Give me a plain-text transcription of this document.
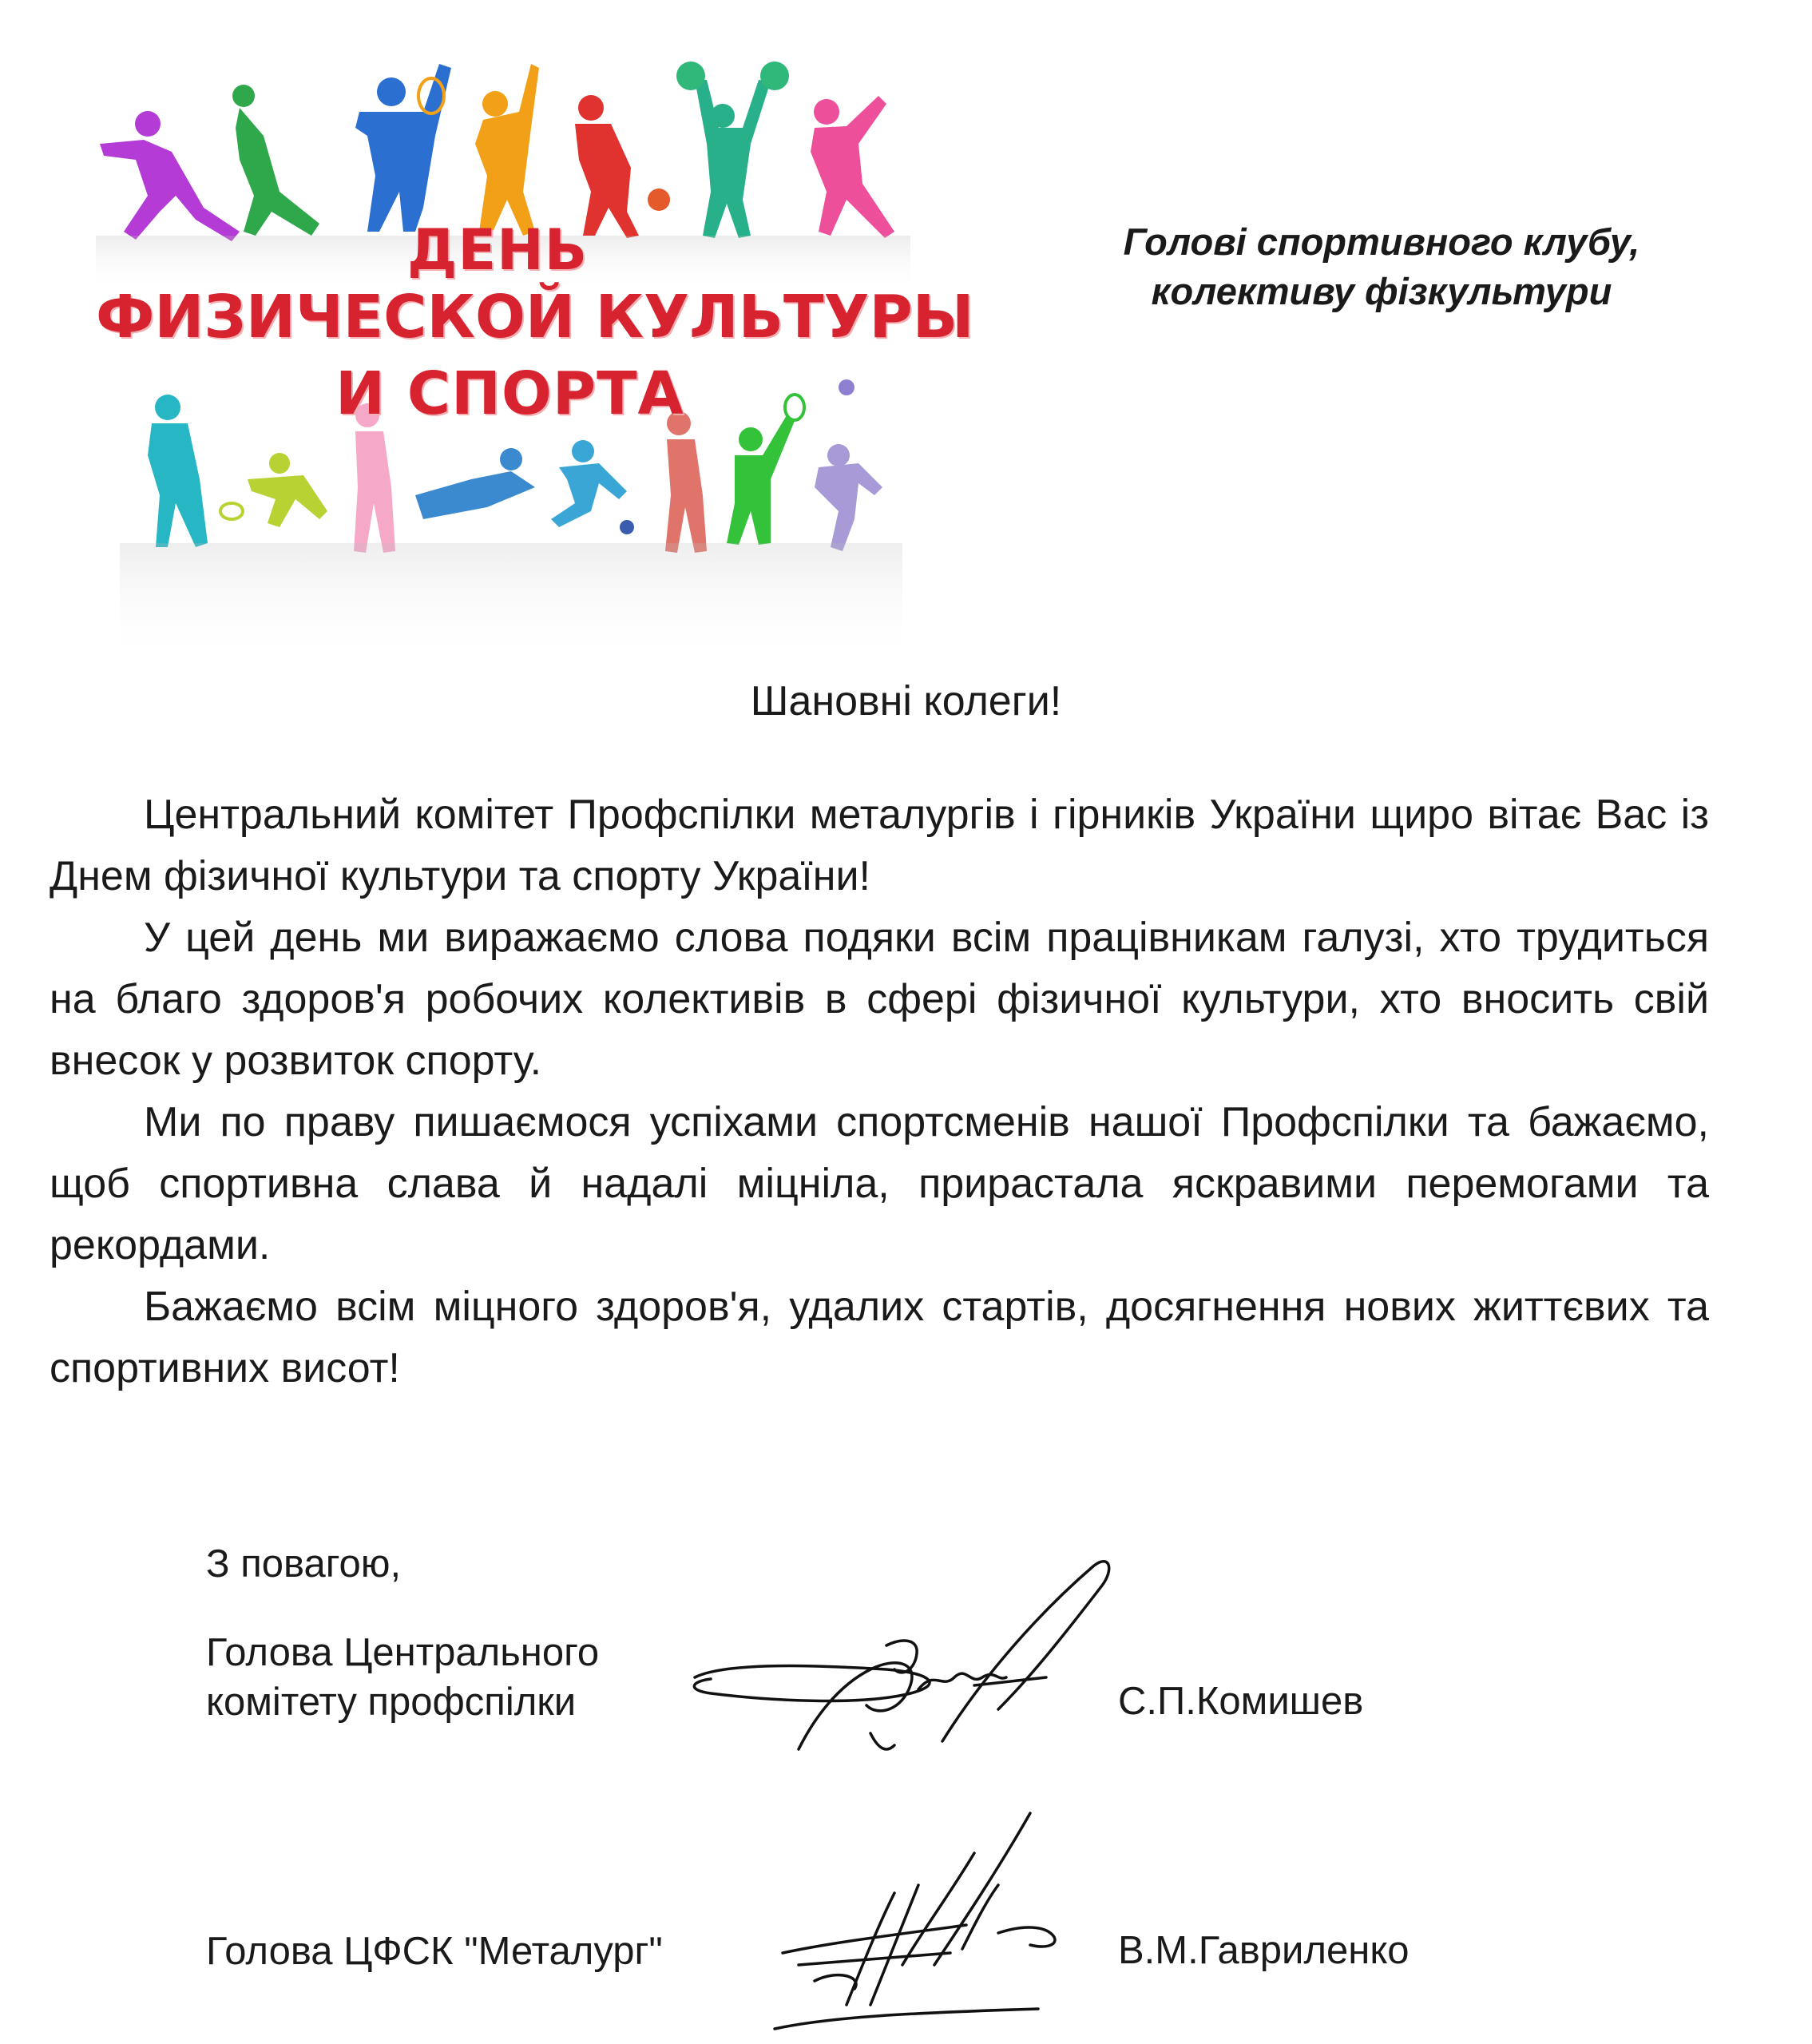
ДЕНЬ
ФИЗИЧЕСКОЙ КУЛЬТУРЫ
И СПОРТА
Голові спортивного клубу,
колективу фізкультури
Шановні колеги!

Центральний комітет Профспілки металургів і гірників України щиро вітає Вас із Днем фізичної культури та спорту України!

У цей день ми виражаємо слова подяки всім працівникам галузі, хто трудиться на благо здоров'я робочих колективів в сфері фізичної культури, хто вносить свій внесок у розвиток спорту.

Ми по праву пишаємося успіхами спортсменів нашої Профспілки та бажаємо, щоб спортивна слава й надалі міцніла, прирастала яскравими перемогами та рекордами.

Бажаємо всім міцного здоров'я, удалих стартів, досягнення нових життєвих та спортивних висот!

З повагою,
Голова Центрального
комітету профспілки	С.П.Комишев
Голова ЦФСК "Металург"	В.М.Гавриленко
